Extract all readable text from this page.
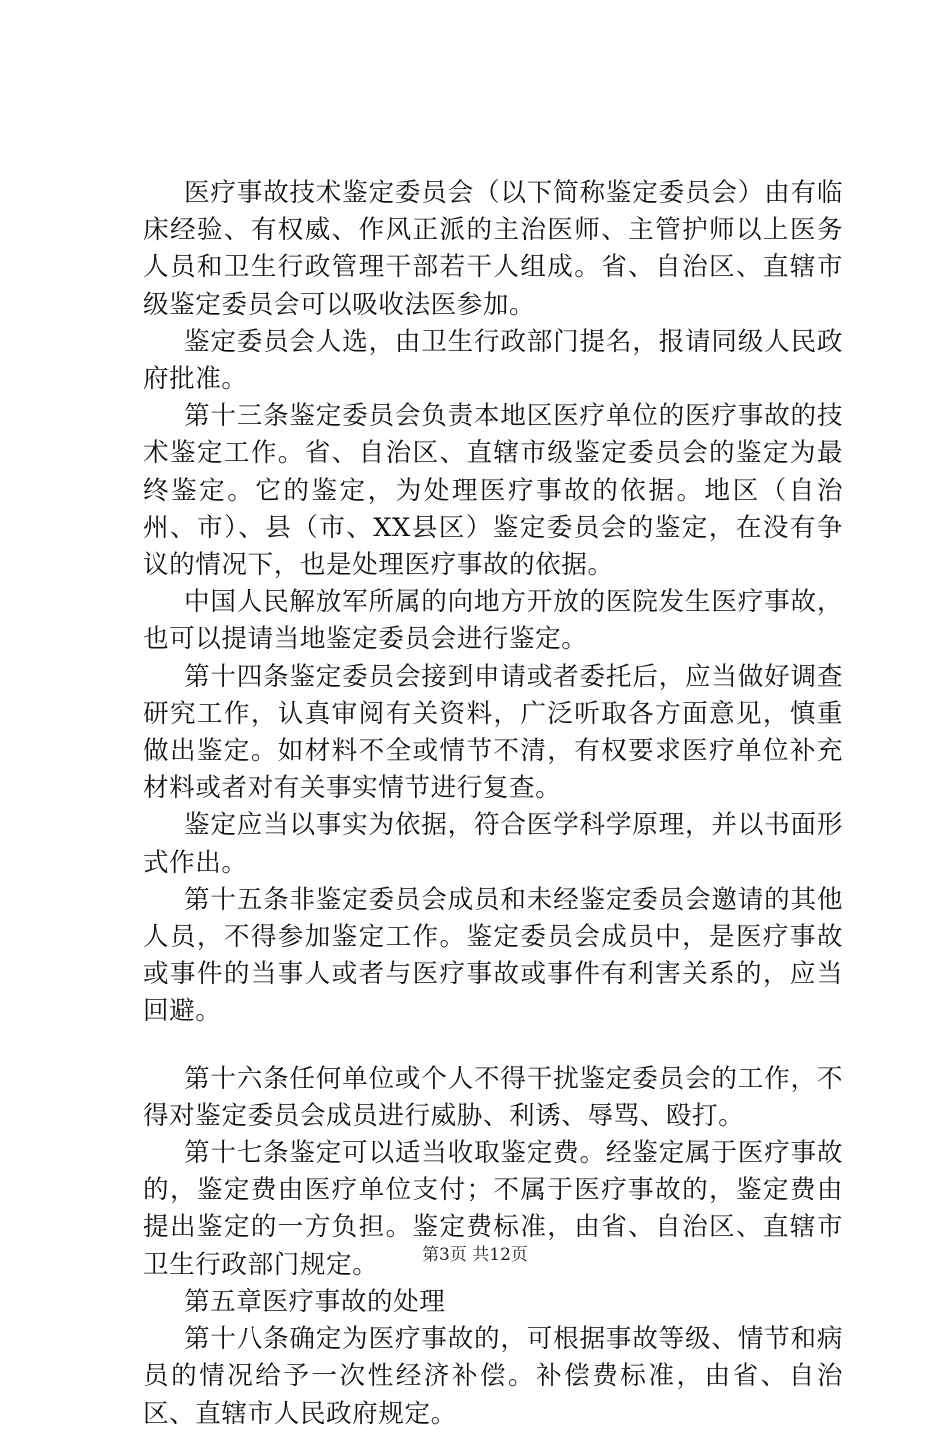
医疗事故技术鉴定委员会（以下简称鉴定委员会）由有临床经验、有权威、作风正派的主治医师、主管护师以上医务人员和卫生行政管理干部若干人组成。省、自治区、直辖市级鉴定委员会可以吸收法医参加。

鉴定委员会人选，由卫生行政部门提名，报请同级人民政府批准。

第十三条鉴定委员会负责本地区医疗单位的医疗事故的技术鉴定工作。省、自治区、直辖市级鉴定委员会的鉴定为最终鉴定。它的鉴定，为处理医疗事故的依据。地区（自治州、市）、县（市、XX县区）鉴定委员会的鉴定，在没有争议的情况下，也是处理医疗事故的依据。

中国人民解放军所属的向地方开放的医院发生医疗事故，也可以提请当地鉴定委员会进行鉴定。

第十四条鉴定委员会接到申请或者委托后，应当做好调查研究工作，认真审阅有关资料，广泛听取各方面意见，慎重做出鉴定。如材料不全或情节不清，有权要求医疗单位补充材料或者对有关事实情节进行复查。

鉴定应当以事实为依据，符合医学科学原理，并以书面形式作出。

第十五条非鉴定委员会成员和未经鉴定委员会邀请的其他人员，不得参加鉴定工作。鉴定委员会成员中，是医疗事故或事件的当事人或者与医疗事故或事件有利害关系的，应当回避。

第十六条任何单位或个人不得干扰鉴定委员会的工作，不得对鉴定委员会成员进行威胁、利诱、辱骂、殴打。

第十七条鉴定可以适当收取鉴定费。经鉴定属于医疗事故的，鉴定费由医疗单位支付；不属于医疗事故的，鉴定费由提出鉴定的一方负担。鉴定费标准，由省、自治区、直辖市卫生行政部门规定。

第五章医疗事故的处理

第十八条确定为医疗事故的，可根据事故等级、情节和病员的情况给予一次性经济补偿。补偿费标准，由省、自治区、直辖市人民政府规定。

第3页 共12页
